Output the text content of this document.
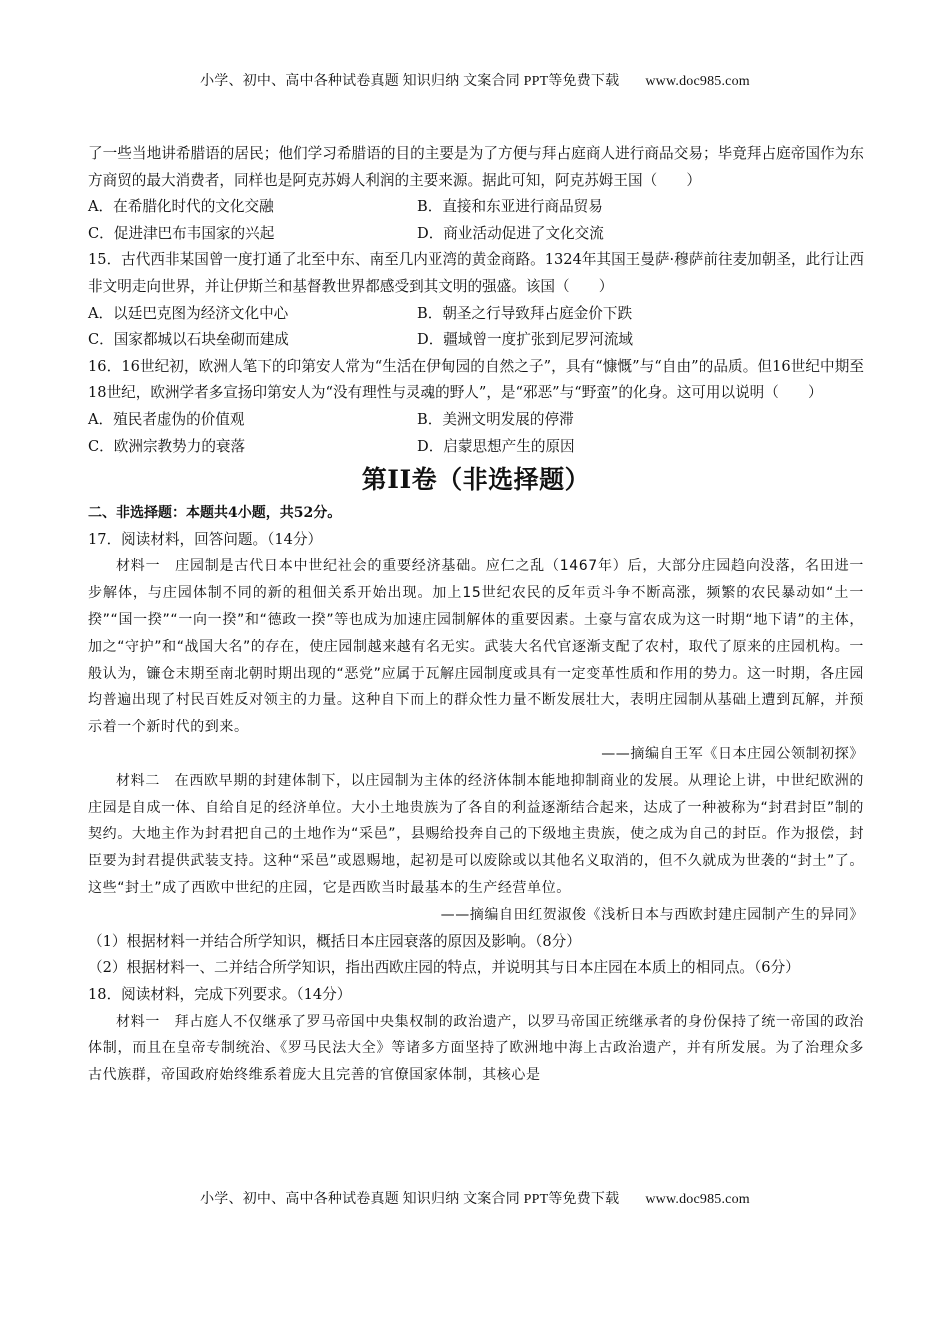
小学、初中、高中各种试卷真题 知识归纳 文案合同 PPT等免费下载 www.doc985.com
了一些当地讲希腊语的居民；他们学习希腊语的目的主要是为了方便与拜占庭商人进行商品交易；毕竟拜占庭帝国作为东方商贸的最大消费者，同样也是阿克苏姆人利润的主要来源。据此可知，阿克苏姆王国（　　）
A．在希腊化时代的文化交融	B．直接和东亚进行商品贸易
C．促进津巴布韦国家的兴起	D．商业活动促进了文化交流
15．古代西非某国曾一度打通了北至中东、南至几内亚湾的黄金商路。1324年其国王曼萨·穆萨前往麦加朝圣，此行让西非文明走向世界，并让伊斯兰和基督教世界都感受到其文明的强盛。该国（　　）
A．以廷巴克图为经济文化中心	B．朝圣之行导致拜占庭金价下跌
C．国家都城以石块垒砌而建成	D．疆域曾一度扩张到尼罗河流域
16．16世纪初，欧洲人笔下的印第安人常为“生活在伊甸园的自然之子”，具有“慷慨”与“自由”的品质。但16世纪中期至18世纪，欧洲学者多宣扬印第安人为“没有理性与灵魂的野人”，是“邪恶”与“野蛮”的化身。这可用以说明（　　）
A．殖民者虚伪的价值观	B．美洲文明发展的停滞
C．欧洲宗教势力的衰落	D．启蒙思想产生的原因
第II卷（非选择题）
二、非选择题：本题共4小题，共52分。
17．阅读材料，回答问题。（14分）
材料一　庄园制是古代日本中世纪社会的重要经济基础。应仁之乱（1467年）后，大部分庄园趋向没落，名田进一步解体，与庄园体制不同的新的租佃关系开始出现。加上15世纪农民的反年贡斗争不断高涨，频繁的农民暴动如“土一揆”“国一揆”“一向一揆”和“德政一揆”等也成为加速庄园制解体的重要因素。土豪与富农成为这一时期“地下请”的主体，加之“守护”和“战国大名”的存在，使庄园制越来越有名无实。武装大名代官逐渐支配了农村，取代了原来的庄园机构。一般认为，镰仓末期至南北朝时期出现的“恶党”应属于瓦解庄园制度或具有一定变革性质和作用的势力。这一时期，各庄园均普遍出现了村民百姓反对领主的力量。这种自下而上的群众性力量不断发展壮大，表明庄园制从基础上遭到瓦解，并预示着一个新时代的到来。
——摘编自王军《日本庄园公领制初探》
材料二　在西欧早期的封建体制下，以庄园制为主体的经济体制本能地抑制商业的发展。从理论上讲，中世纪欧洲的庄园是自成一体、自给自足的经济单位。大小土地贵族为了各自的利益逐渐结合起来，达成了一种被称为“封君封臣”制的契约。大地主作为封君把自己的土地作为“采邑”，县赐给投奔自己的下级地主贵族，使之成为自己的封臣。作为报偿，封臣要为封君提供武装支持。这种“采邑”或恩赐地，起初是可以废除或以其他名义取消的，但不久就成为世袭的“封土”了。这些“封土”成了西欧中世纪的庄园，它是西欧当时最基本的生产经营单位。
——摘编自田红贺淑俊《浅析日本与西欧封建庄园制产生的异同》
（1）根据材料一并结合所学知识，概括日本庄园衰落的原因及影响。（8分）
（2）根据材料一、二并结合所学知识，指出西欧庄园的特点，并说明其与日本庄园在本质上的相同点。（6分）
18．阅读材料，完成下列要求。（14分）
材料一　拜占庭人不仅继承了罗马帝国中央集权制的政治遗产，以罗马帝国正统继承者的身份保持了统一帝国的政治体制，而且在皇帝专制统治、《罗马民法大全》等诸多方面坚持了欧洲地中海上古政治遗产，并有所发展。为了治理众多古代族群，帝国政府始终维系着庞大且完善的官僚国家体制，其核心是
小学、初中、高中各种试卷真题 知识归纳 文案合同 PPT等免费下载 www.doc985.com
